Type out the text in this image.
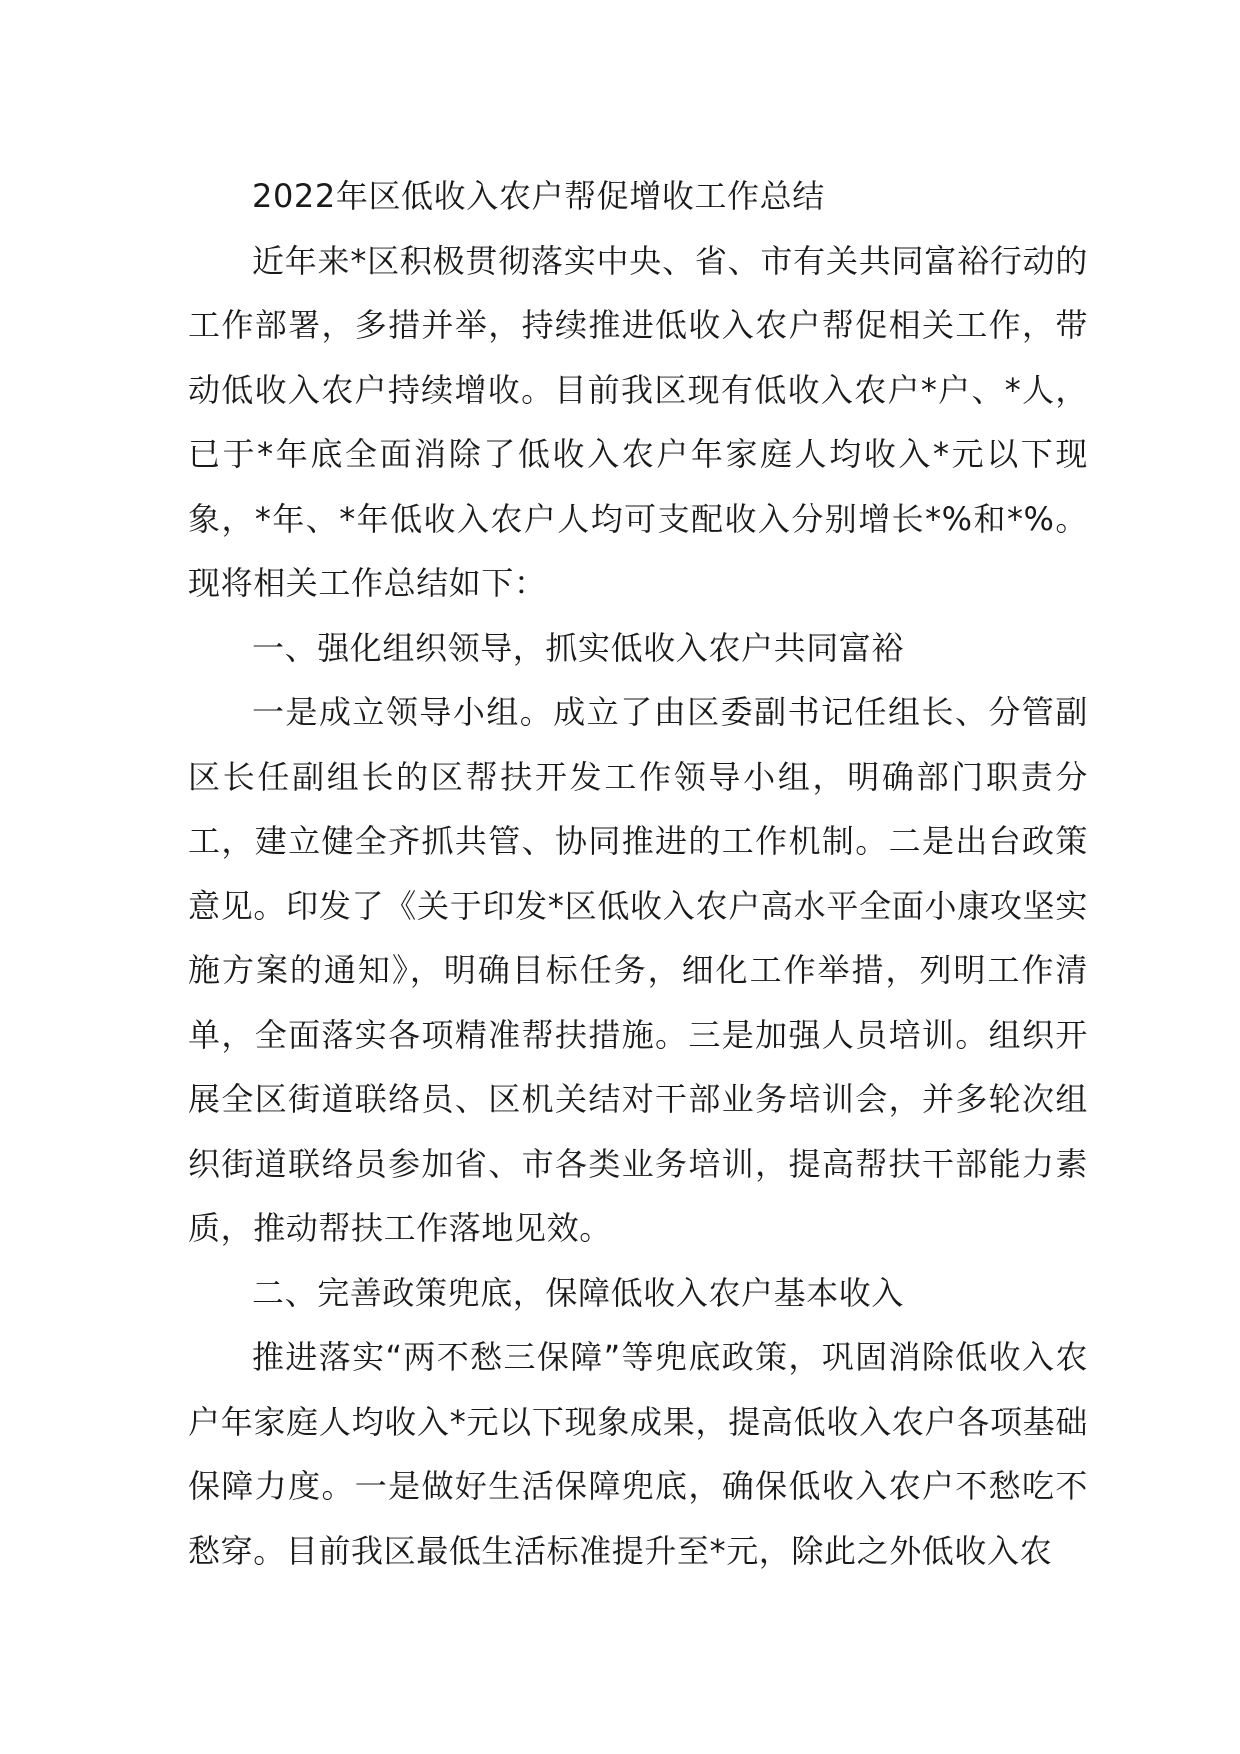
2022年区低收入农户帮促增收工作总结

近年来*区积极贯彻落实中央、省、市有关共同富裕行动的工作部署，多措并举，持续推进低收入农户帮促相关工作，带动低收入农户持续增收。目前我区现有低收入农户*户、*人，已于*年底全面消除了低收入农户年家庭人均收入*元以下现象，*年、*年低收入农户人均可支配收入分别增长*%和*%。现将相关工作总结如下：

一、强化组织领导，抓实低收入农户共同富裕

一是成立领导小组。成立了由区委副书记任组长、分管副区长任副组长的区帮扶开发工作领导小组，明确部门职责分工，建立健全齐抓共管、协同推进的工作机制。二是出台政策意见。印发了《关于印发*区低收入农户高水平全面小康攻坚实施方案的通知》，明确目标任务，细化工作举措，列明工作清单，全面落实各项精准帮扶措施。三是加强人员培训。组织开展全区街道联络员、区机关结对干部业务培训会，并多轮次组织街道联络员参加省、市各类业务培训，提高帮扶干部能力素质，推动帮扶工作落地见效。

二、完善政策兜底，保障低收入农户基本收入

推进落实“两不愁三保障”等兜底政策，巩固消除低收入农户年家庭人均收入*元以下现象成果，提高低收入农户各项基础保障力度。一是做好生活保障兜底，确保低收入农户不愁吃不愁穿。目前我区最低生活标准提升至*元，除此之外低收入农
